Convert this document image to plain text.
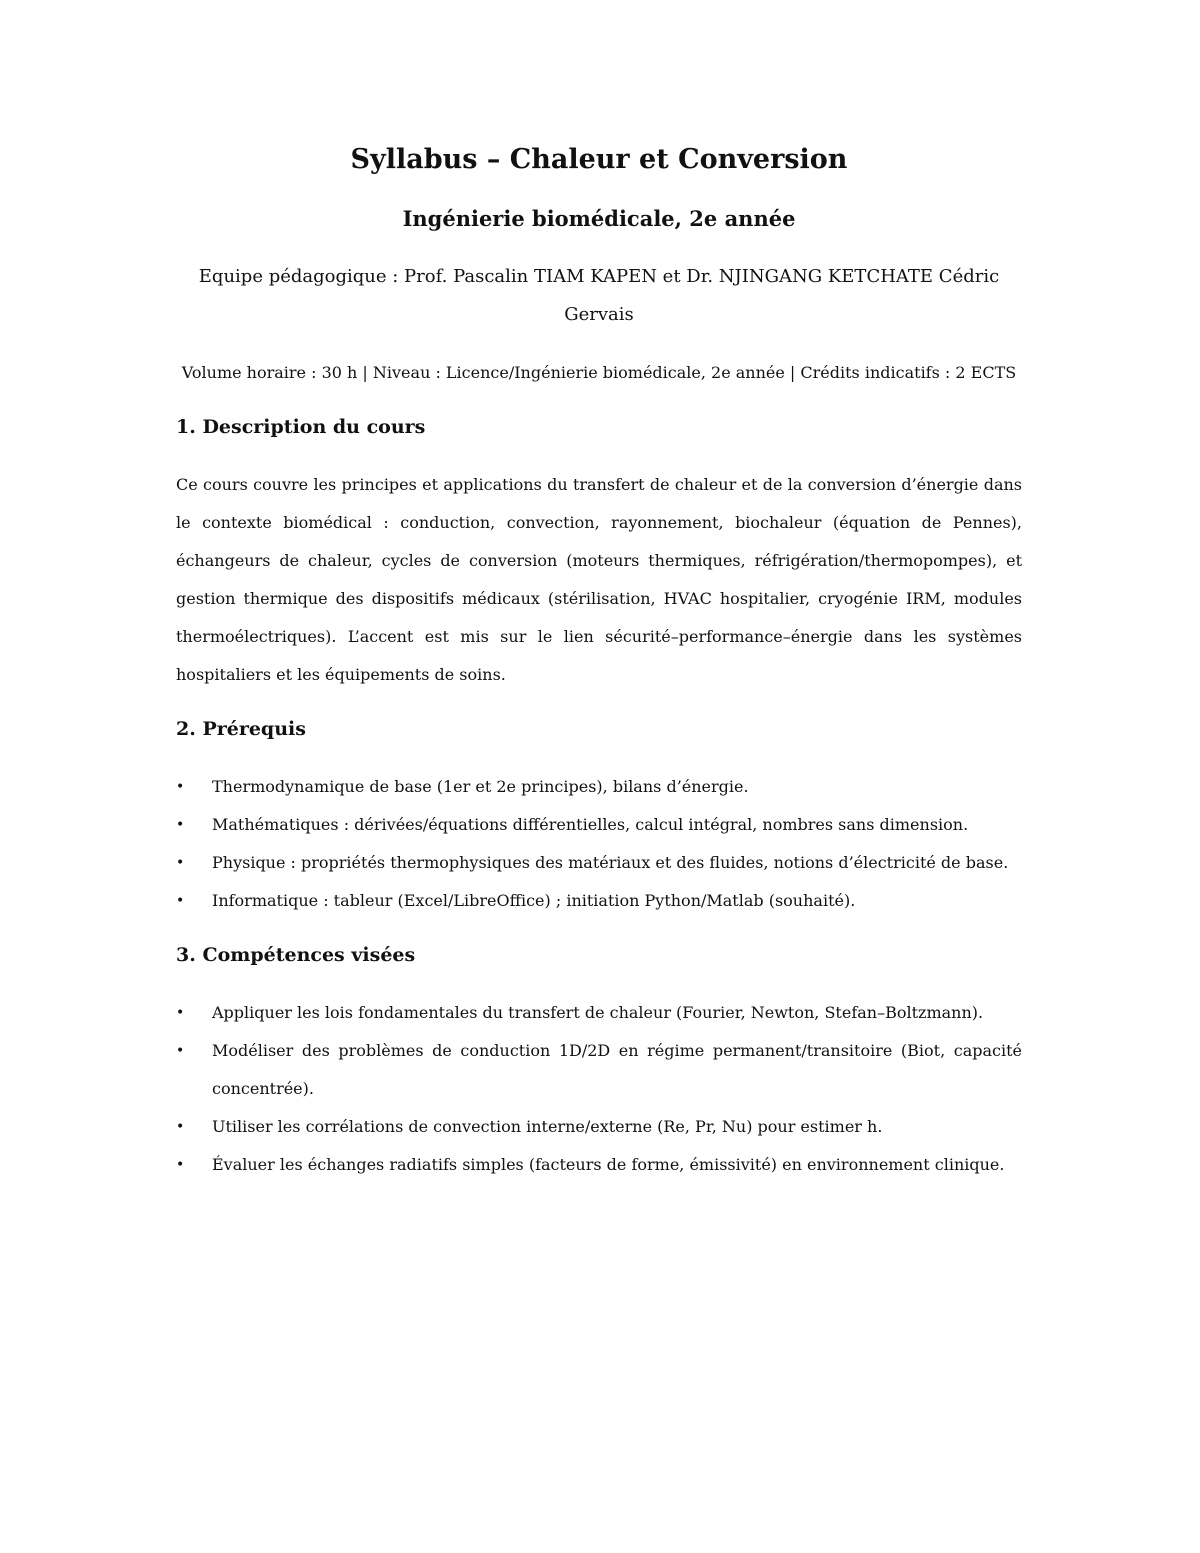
Syllabus – Chaleur et Conversion
Ingénierie biomédicale, 2e année
Equipe pédagogique : Prof. Pascalin TIAM KAPEN et Dr. NJINGANG KETCHATE Cédric Gervais
Volume horaire : 30 h | Niveau : Licence/Ingénierie biomédicale, 2e année | Crédits indicatifs : 2 ECTS
1. Description du cours
Ce cours couvre les principes et applications du transfert de chaleur et de la conversion d’énergie dans le contexte biomédical : conduction, convection, rayonnement, biochaleur (équation de Pennes), échangeurs de chaleur, cycles de conversion (moteurs thermiques, réfrigération/thermopompes), et gestion thermique des dispositifs médicaux (stérilisation, HVAC hospitalier, cryogénie IRM, modules thermoélectriques). L’accent est mis sur le lien sécurité–performance–énergie dans les systèmes hospitaliers et les équipements de soins.
2. Prérequis
• Thermodynamique de base (1er et 2e principes), bilans d’énergie.
• Mathématiques : dérivées/équations différentielles, calcul intégral, nombres sans dimension.
• Physique : propriétés thermophysiques des matériaux et des fluides, notions d’électricité de base.
• Informatique : tableur (Excel/LibreOffice) ; initiation Python/Matlab (souhaité).
3. Compétences visées
• Appliquer les lois fondamentales du transfert de chaleur (Fourier, Newton, Stefan–Boltzmann).
• Modéliser des problèmes de conduction 1D/2D en régime permanent/transitoire (Biot, capacité concentrée).
• Utiliser les corrélations de convection interne/externe (Re, Pr, Nu) pour estimer h.
• Évaluer les échanges radiatifs simples (facteurs de forme, émissivité) en environnement clinique.
